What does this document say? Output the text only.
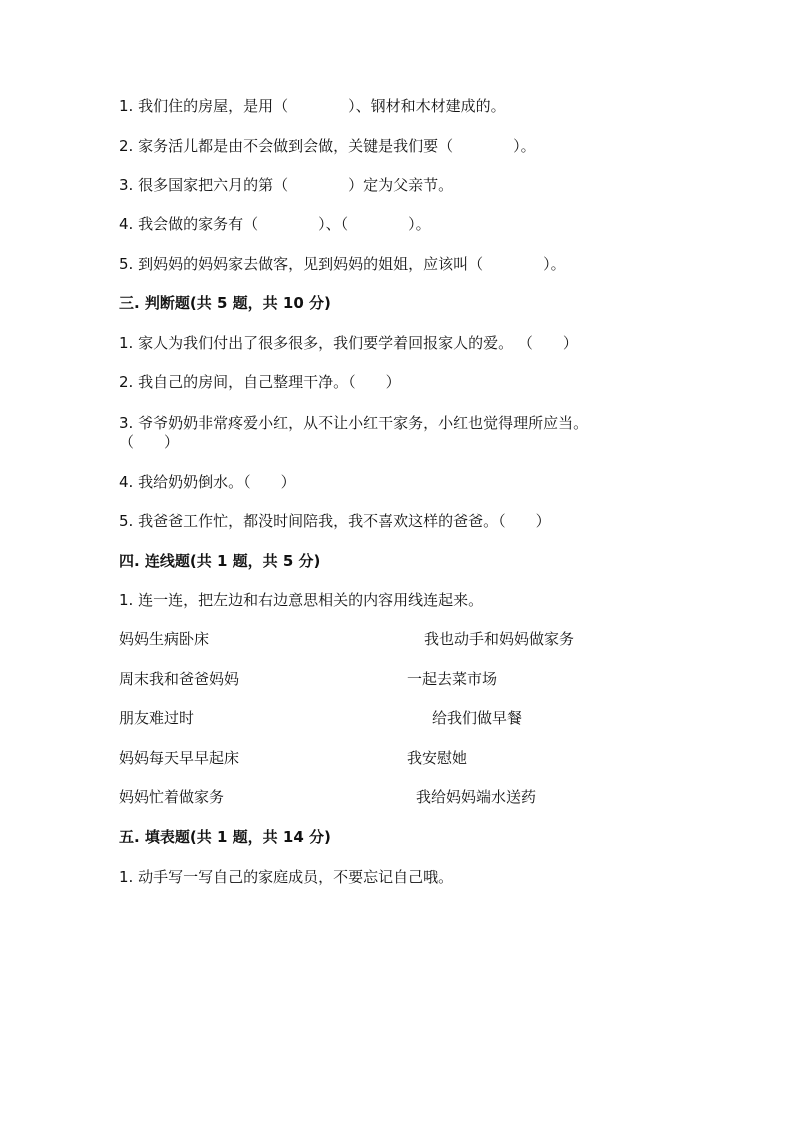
1. 我们住的房屋，是用（　　　　）、钢材和木材建成的。
2. 家务活儿都是由不会做到会做，关键是我们要（　　　　）。
3. 很多国家把六月的第（　　　　）定为父亲节。
4. 我会做的家务有（　　　　）、（　　　　）。
5. 到妈妈的妈妈家去做客，见到妈妈的姐姐，应该叫（　　　　）。
三. 判断题(共 5 题，共 10 分)
1. 家人为我们付出了很多很多，我们要学着回报家人的爱。 （　　）
2. 我自己的房间，自己整理干净。（　　）
3. 爷爷奶奶非常疼爱小红，从不让小红干家务，小红也觉得理所应当。
（　　）
4. 我给奶奶倒水。（　　）
5. 我爸爸工作忙，都没时间陪我，我不喜欢这样的爸爸。（　　）
四. 连线题(共 1 题，共 5 分)
1. 连一连，把左边和右边意思相关的内容用线连起来。
妈妈生病卧床	我也动手和妈妈做家务
周末我和爸爸妈妈	一起去菜市场
朋友难过时	给我们做早餐
妈妈每天早早起床	我安慰她
妈妈忙着做家务	我给妈妈端水送药
五. 填表题(共 1 题，共 14 分)
1. 动手写一写自己的家庭成员，不要忘记自己哦。
